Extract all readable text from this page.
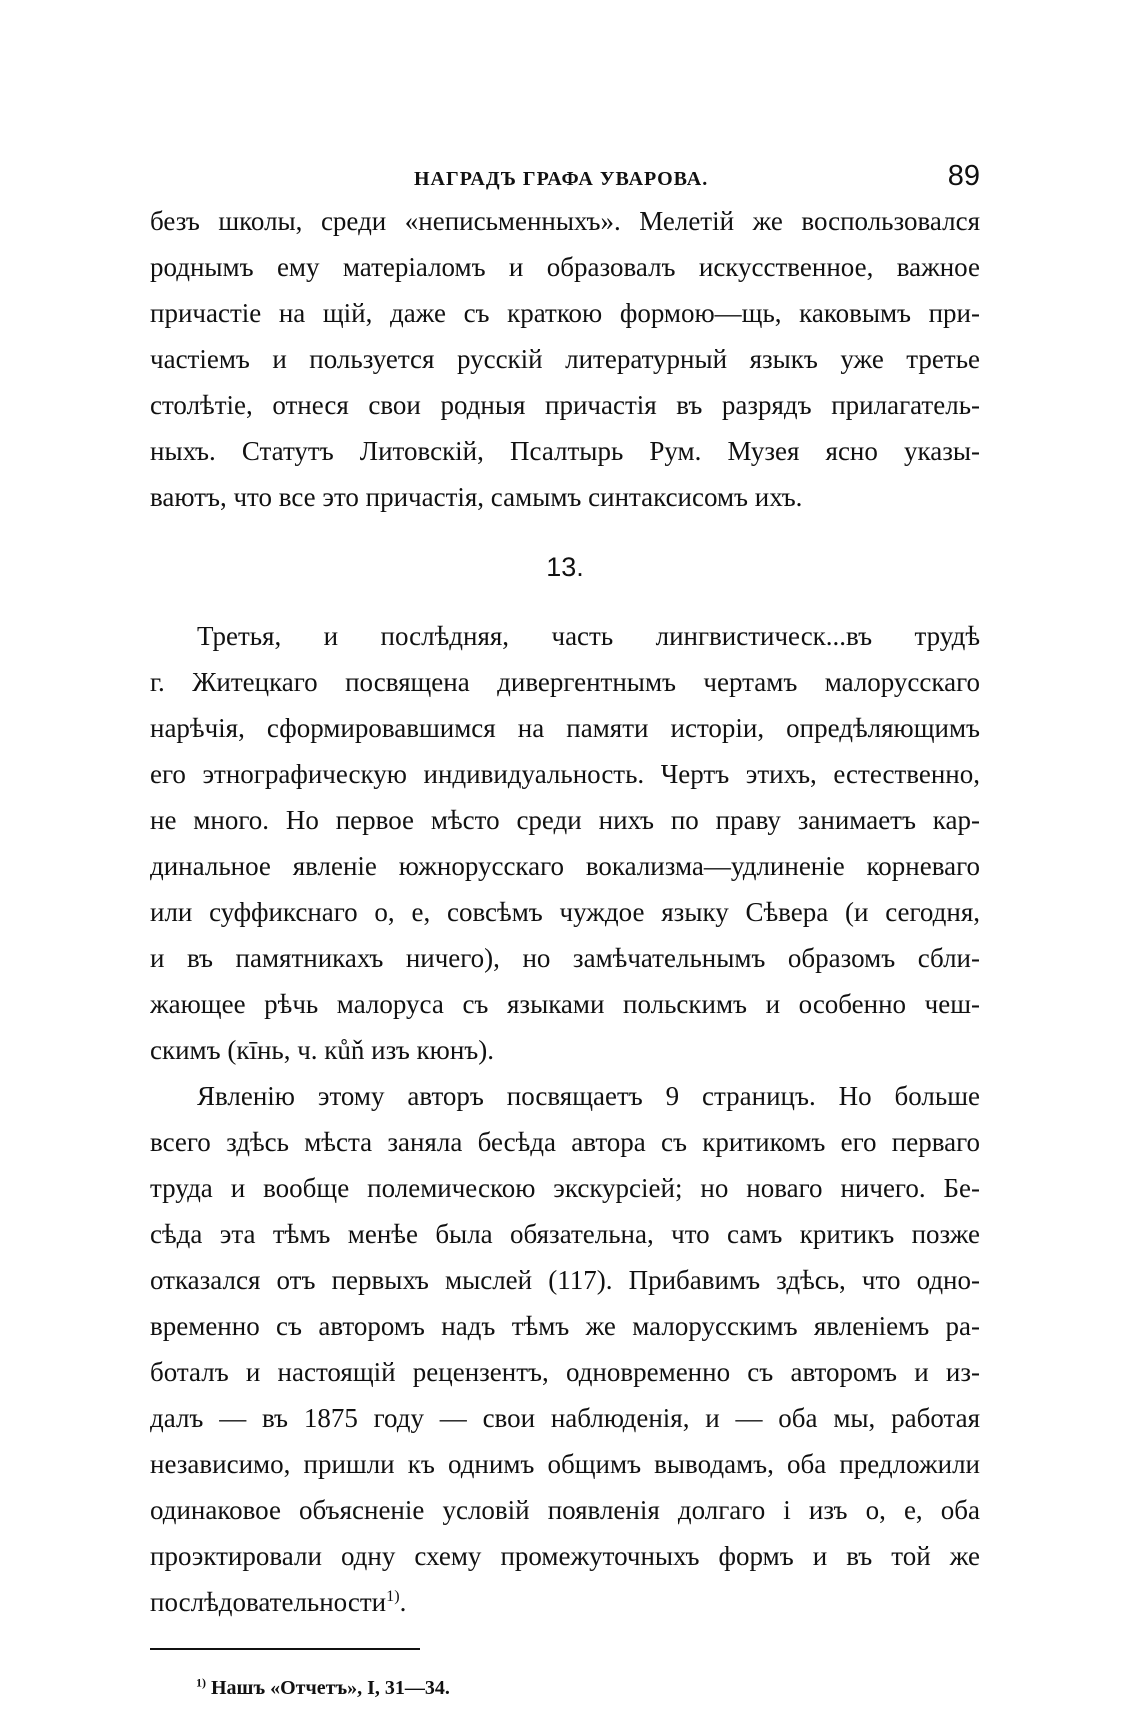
НАГРАДЪ ГРАФА УВАРОВА.	89
безъ школы, среди «неписьменныхъ». Мелетій же воспользовался
роднымъ ему матеріаломъ и образовалъ искусственное, важное
причастіе на щій, даже съ краткою формою—щь, каковымъ при-
частіемъ и пользуется русскій литературный языкъ уже третье
столѣтіе, отнеся свои родныя причастія въ разрядъ прилагатель-
ныхъ. Статутъ Литовскій, Псалтырь Рум. Музея ясно указы-
ваютъ, что все это причастія, самымъ синтаксисомъ ихъ.
13.
Третья, и послѣдняя, часть лингвистическ...въ трудѣ
г. Житецкаго посвящена дивергентнымъ чертамъ малорусскаго
нарѣчія, сформировавшимся на памяти исторіи, опредѣляющимъ
его этнографическую индивидуальность. Чертъ этихъ, естественно,
не много. Но первое мѣсто среди нихъ по праву занимаетъ кар-
динальное явленіе южнорусскаго вокализма—удлиненіе корневаго
или суффикснаго о, е, совсѣмъ чуждое языку Сѣвера (и сегодня,
и въ памятникахъ ничего), но замѣчательнымъ образомъ сбли-
жающее рѣчь малоруса съ языками польскимъ и особенно чеш-
скимъ (кīнь, ч. кůň изъ кюнъ).
Явленію этому авторъ посвящаетъ 9 страницъ. Но больше
всего здѣсь мѣста заняла бесѣда автора съ критикомъ его перваго
труда и вообще полемическою экскурсіей; но новаго ничего. Бе-
сѣда эта тѣмъ менѣе была обязательна, что самъ критикъ позже
отказался отъ первыхъ мыслей (117). Прибавимъ здѣсь, что одно-
временно съ авторомъ надъ тѣмъ же малорусскимъ явленіемъ ра-
боталъ и настоящій рецензентъ, одновременно съ авторомъ и из-
далъ — въ 1875 году — свои наблюденія, и — оба мы, работая
независимо, пришли къ однимъ общимъ выводамъ, оба предложили
одинаковое объясненіе условій появленія долгаго і изъ о, е, оба
проэктировали одну схему промежуточныхъ формъ и въ той же
послѣдовательности$^{1)}$.
$^{1)}$ Нашъ «Отчетъ», I, 31—34.
